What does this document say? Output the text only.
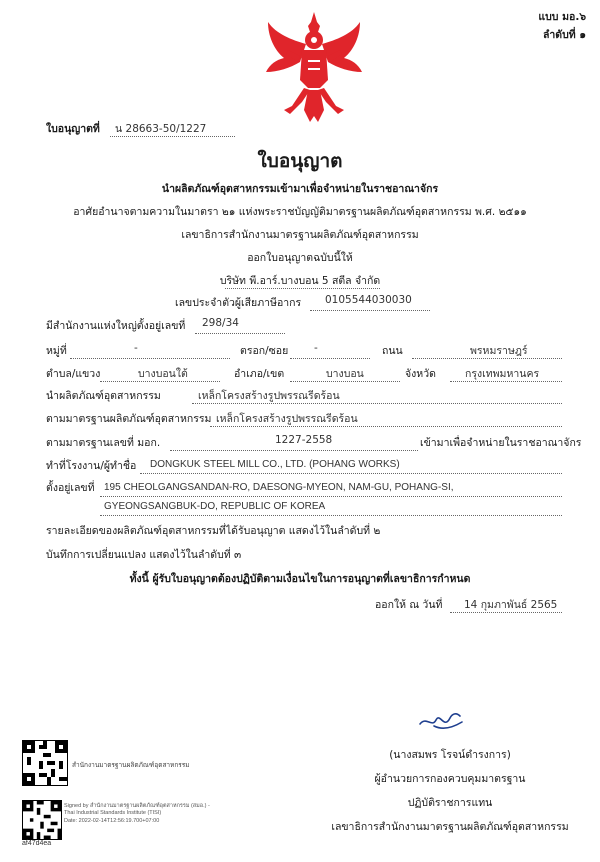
แบบ มอ.๖
ลำดับที่ ๑
ใบอนุญาตที่ น 28663-50/1227
ใบอนุญาต
นำผลิตภัณฑ์อุตสาหกรรมเข้ามาเพื่อจำหน่ายในราชอาณาจักร
อาศัยอำนาจตามความในมาตรา ๒๑ แห่งพระราชบัญญัติมาตรฐานผลิตภัณฑ์อุตสาหกรรม พ.ศ. ๒๕๑๑
เลขาธิการสำนักงานมาตรฐานผลิตภัณฑ์อุตสาหกรรม
ออกใบอนุญาตฉบับนี้ให้
บริษัท พี.อาร์.บางบอน 5 สตีล จำกัด
เลขประจำตัวผู้เสียภาษีอากร 0105544030030
มีสำนักงานแห่งใหญ่ตั้งอยู่เลขที่ 298/34
หมู่ที่	-	ตรอก/ซอย -	ถนน	พรหมราษฎร์
ตำบล/แขวง	บางบอนใต้	อำเภอ/เขต	บางบอน	จังหวัด	กรุงเทพมหานคร
นำผลิตภัณฑ์อุตสาหกรรม	เหล็กโครงสร้างรูปพรรณรีดร้อน
ตามมาตรฐานผลิตภัณฑ์อุตสาหกรรม เหล็กโครงสร้างรูปพรรณรีดร้อน
ตามมาตรฐานเลขที่ มอก.	1227-2558	เข้ามาเพื่อจำหน่ายในราชอาณาจักร
ทำที่โรงงาน/ผู้ทำชื่อ DONGKUK STEEL MILL CO., LTD. (POHANG WORKS)
ตั้งอยู่เลขที่ 195 CHEOLGANGSANDAN-RO, DAESONG-MYEON, NAM-GU, POHANG-SI,
GYEONGSANGBUK-DO, REPUBLIC OF KOREA
รายละเอียดของผลิตภัณฑ์อุตสาหกรรมที่ได้รับอนุญาต แสดงไว้ในลำดับที่ ๒
บันทึกการเปลี่ยนแปลง แสดงไว้ในลำดับที่ ๓
ทั้งนี้ ผู้รับใบอนุญาตต้องปฏิบัติตามเงื่อนไขในการอนุญาตที่เลขาธิการกำหนด
ออกให้ ณ วันที่ 14 กุมภาพันธ์ 2565
(นางสมพร โรจน์ดำรงการ)
ผู้อำนวยการกองควบคุมมาตรฐาน
ปฏิบัติราชการแทน
เลขาธิการสำนักงานมาตรฐานผลิตภัณฑ์อุตสาหกรรม
สำนักงานมาตรฐานผลิตภัณฑ์อุตสาหกรรม
af47d4ea
Signed by สำนักงานมาตรฐานผลิตภัณฑ์อุตสาหกรรม (สมอ.) -
Thai Industrial Standards Institute (TISI)
Date: 2022-02-14T12:56:19.700+07:00
